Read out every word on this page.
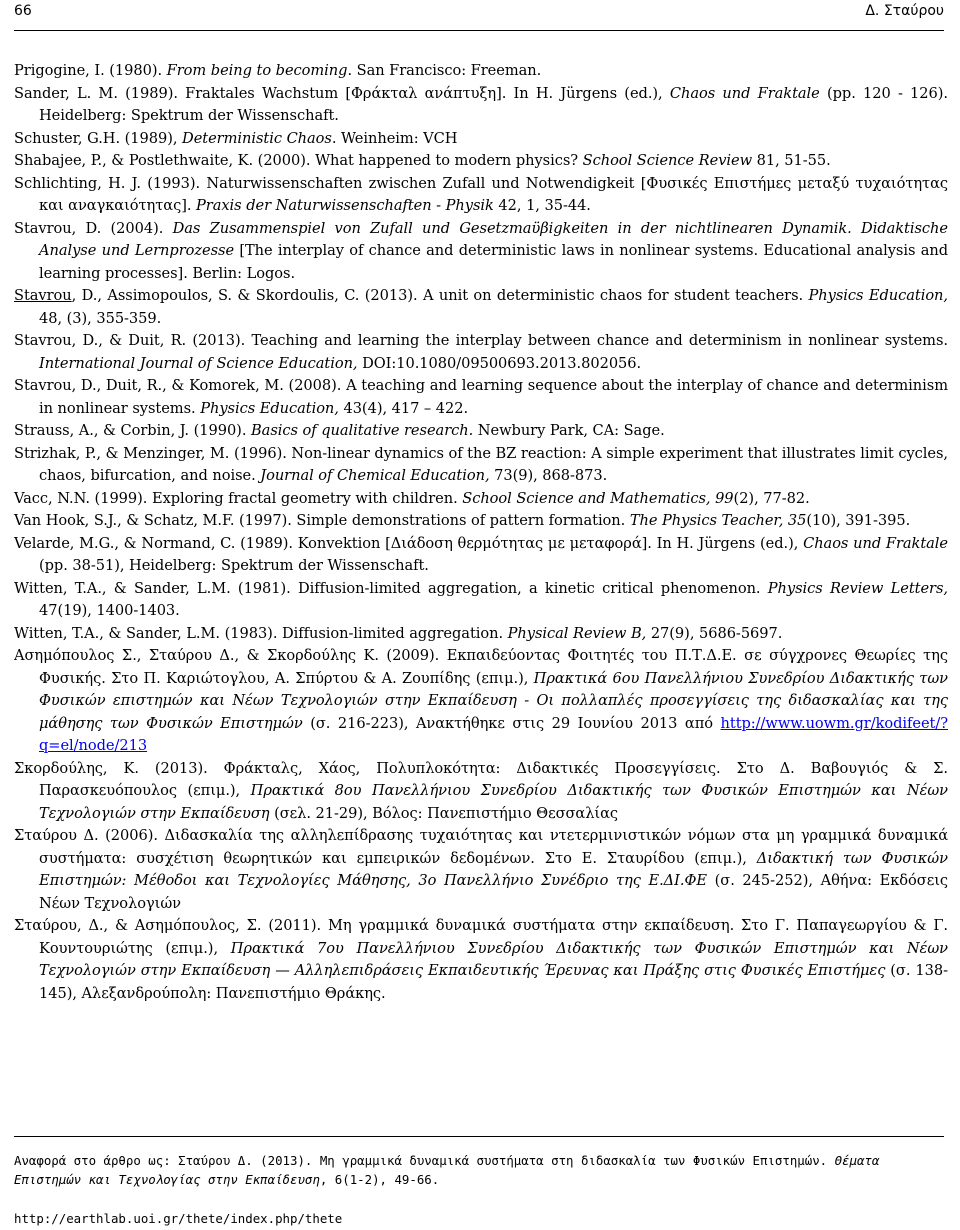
66	Δ. Σταύρου

Prigogine, I. (1980). From being to becoming. San Francisco: Freeman.

Sander, L. M. (1989). Fraktales Wachstum [Φράκταλ ανάπτυξη]. In H. Jürgens (ed.), Chaos und Fraktale (pp. 120 - 126). Heidelberg: Spektrum der Wissenschaft.

Schuster, G.H. (1989), Deterministic Chaos. Weinheim: VCH

Shabajee, P., & Postlethwaite, K. (2000). What happened to modern physics? School Science Review 81, 51-55.

Schlichting, H. J. (1993). Naturwissenschaften zwischen Zufall und Notwendigkeit [Φυσικές Επιστήμες μεταξύ τυχαιότητας και αναγκαιότητας]. Praxis der Naturwissenschaften - Physik 42, 1, 35-44.

Stavrou, D. (2004). Das Zusammenspiel von Zufall und Gesetzmaϋβigkeiten in der nichtlinearen Dynamik. Didaktische Analyse und Lernprozesse [The interplay of chance and deterministic laws in nonlinear systems. Educational analysis and learning processes]. Berlin: Logos.

Stavrou, D., Assimopoulos, S. & Skordoulis, C. (2013). A unit on deterministic chaos for student teachers. Physics Education, 48, (3), 355-359.

Stavrou, D., & Duit, R. (2013). Teaching and learning the interplay between chance and determinism in nonlinear systems. International Journal of Science Education, DOI:10.1080/09500693.2013.802056.

Stavrou, D., Duit, R., & Komorek, M. (2008). A teaching and learning sequence about the interplay of chance and determinism in nonlinear systems. Physics Education, 43(4), 417 – 422.

Strauss, A., & Corbin, J. (1990). Basics of qualitative research. Newbury Park, CA: Sage.

Strizhak, P., & Menzinger, M. (1996). Non-linear dynamics of the BZ reaction: A simple experiment that illustrates limit cycles, chaos, bifurcation, and noise. Journal of Chemical Education, 73(9), 868-873.

Vacc, N.N. (1999). Exploring fractal geometry with children. School Science and Mathematics, 99(2), 77-82.

Van Hook, S.J., & Schatz, M.F. (1997). Simple demonstrations of pattern formation. The Physics Teacher, 35(10), 391-395.

Velarde, M.G., & Normand, C. (1989). Konvektion [Διάδοση θερμότητας με μεταφορά]. In H. Jürgens (ed.), Chaos und Fraktale (pp. 38-51), Heidelberg: Spektrum der Wissenschaft.

Witten, T.A., & Sander, L.M. (1981). Diffusion-limited aggregation, a kinetic critical phenomenon. Physics Review Letters, 47(19), 1400-1403.

Witten, T.A., & Sander, L.M. (1983). Diffusion-limited aggregation. Physical Review B, 27(9), 5686-5697.

Ασημόπουλος Σ., Σταύρου Δ., & Σκορδούλης Κ. (2009). Εκπαιδεύοντας Φοιτητές του Π.Τ.Δ.Ε. σε σύγχρονες Θεωρίες της Φυσικής. Στο Π. Καριώτογλου, Α. Σπύρτου & Α. Ζουπίδης (επιμ.), Πρακτικά 6ου Πανελλήνιου Συνεδρίου Διδακτικής των Φυσικών επιστημών και Νέων Τεχνολογιών στην Εκπαίδευση - Οι πολλαπλές προσεγγίσεις της διδασκαλίας και της μάθησης των Φυσικών Επιστημών (σ. 216-223), Ανακτήθηκε στις 29 Ιουνίου 2013 από http://www.uowm.gr/kodifeet/?q=el/node/213

Σκορδούλης, Κ. (2013). Φράκταλς, Χάος, Πολυπλοκότητα: Διδακτικές Προσεγγίσεις. Στο Δ. Βαβουγιός & Σ. Παρασκευόπουλος (επιμ.), Πρακτικά 8ου Πανελλήνιου Συνεδρίου Διδακτικής των Φυσικών Επιστημών και Νέων Τεχνολογιών στην Εκπαίδευση (σελ. 21-29), Βόλος: Πανεπιστήμιο Θεσσαλίας

Σταύρου Δ. (2006). Διδασκαλία της αλληλεπίδρασης τυχαιότητας και ντετερμινιστικών νόμων στα μη γραμμικά δυναμικά συστήματα: συσχέτιση θεωρητικών και εμπειρικών δεδομένων. Στο Ε. Σταυρίδου (επιμ.), Διδακτική των Φυσικών Επιστημών: Μέθοδοι και Τεχνολογίες Μάθησης, 3ο Πανελλήνιο Συνέδριο της Ε.ΔΙ.ΦΕ (σ. 245-252), Αθήνα: Εκδόσεις Νέων Τεχνολογιών

Σταύρου, Δ., & Ασημόπουλος, Σ. (2011). Μη γραμμικά δυναμικά συστήματα στην εκπαίδευση. Στο Γ. Παπαγεωργίου & Γ. Κουντουριώτης (επιμ.), Πρακτικά 7ου Πανελλήνιου Συνεδρίου Διδακτικής των Φυσικών Επιστημών και Νέων Τεχνολογιών στην Εκπαίδευση — Αλληλεπιδράσεις Εκπαιδευτικής Έρευνας και Πράξης στις Φυσικές Επιστήμες (σ. 138- 145), Αλεξανδρούπολη: Πανεπιστήμιο Θράκης.

Αναφορά στο άρθρο ως: Σταύρου Δ. (2013). Μη γραμμικά δυναμικά συστήματα στη διδασκαλία των Φυσικών Επιστημών. Θέματα Επιστημών και Τεχνολογίας στην Εκπαίδευση, 6(1-2), 49-66.
http://earthlab.uoi.gr/thete/index.php/thete
